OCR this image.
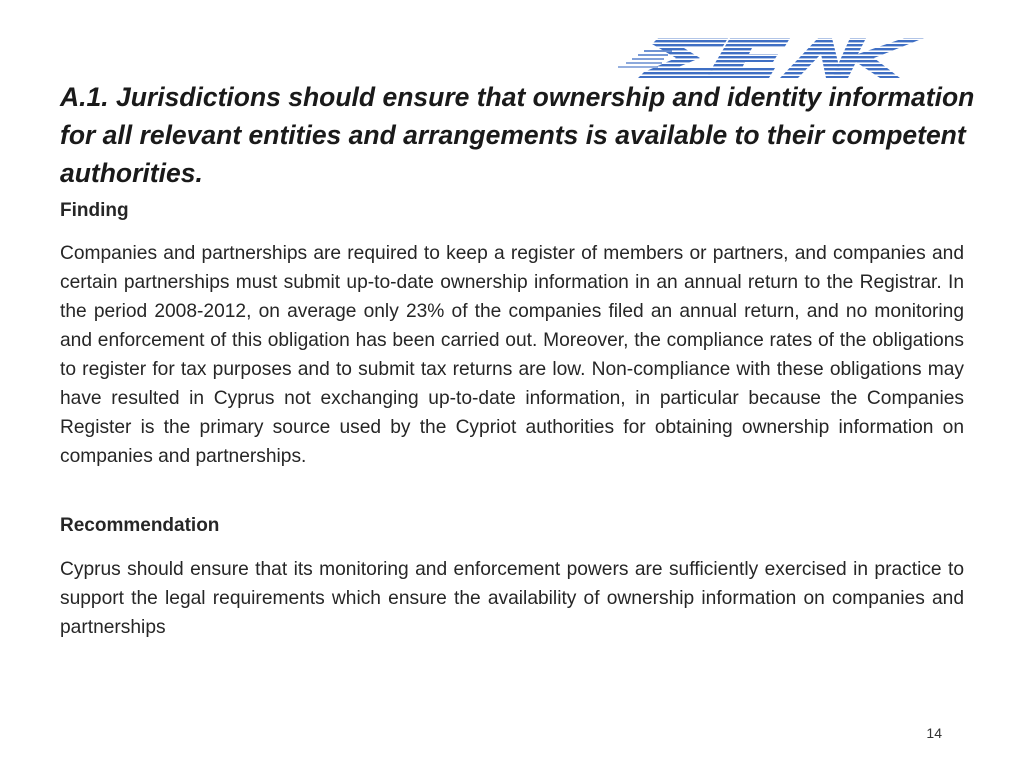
ΣΕΛΚ
A.1. Jurisdictions should ensure that ownership and identity information for all relevant entities and arrangements is available to their competent authorities.
Finding

Companies and partnerships are required to keep a register of members or partners, and companies and certain partnerships must submit up-to-date ownership information in an annual return to the Registrar. In the period 2008-2012, on average only 23% of the companies filed an annual return, and no monitoring and enforcement of this obligation has been carried out. Moreover, the compliance rates of the obligations to register for tax purposes and to submit tax returns are low. Non-compliance with these obligations may have resulted in Cyprus not exchanging up-to-date information, in particular because the Companies Register is the primary source used by the Cypriot authorities for obtaining ownership information on companies and partnerships.

Recommendation

Cyprus should ensure that its monitoring and enforcement powers are sufficiently exercised in practice to support the legal requirements which ensure the availability of ownership information on companies and partnerships

14
